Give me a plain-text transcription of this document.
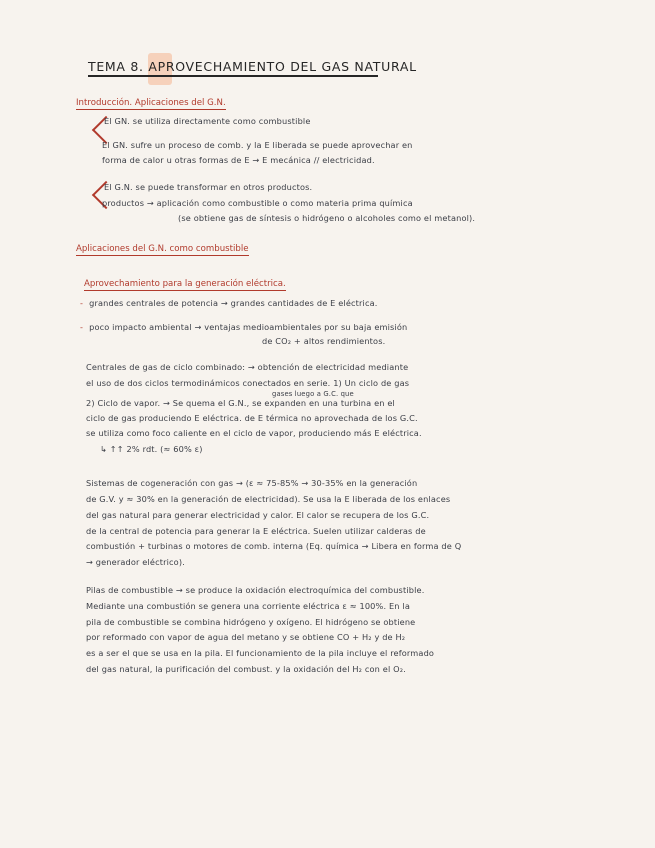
TEMA 8. APROVECHAMIENTO DEL GAS NATURAL
Introducción. Aplicaciones del G.N.
El GN. se utiliza directamente como combustible
El GN. sufre un proceso de comb. y la E liberada se puede aprovechar en
forma de calor u otras formas de E → E mecánica // electricidad.
El G.N. se puede transformar en otros productos.
productos → aplicación como combustible o como materia prima química
(se obtiene gas de síntesis o hidrógeno o alcoholes como el metanol).
Aplicaciones del G.N. como combustible
Aprovechamiento para la generación eléctrica.
- grandes centrales de potencia → grandes cantidades de E eléctrica.
- poco impacto ambiental → ventajas medioambientales por su baja emisión
de CO₂ + altos rendimientos.
Centrales de gas de ciclo combinado: → obtención de electricidad mediante
el uso de dos ciclos termodinámicos conectados en serie. 1) Un ciclo de gas
gases luego a G.C. que
2) Ciclo de vapor. → Se quema el G.N., se expanden en una turbina en el
ciclo de gas produciendo E eléctrica. de E térmica no aprovechada de los G.C.
se utiliza como foco caliente en el ciclo de vapor, produciendo más E eléctrica.
↳ ↑↑ 2% rdt. (≈ 60% ε)
Sistemas de cogeneración con gas → (ε ≈ 75-85% → 30-35% en la generación
de G.V. y ≈ 30% en la generación de electricidad). Se usa la E liberada de los enlaces
del gas natural para generar electricidad y calor. El calor se recupera de los G.C.
de la central de potencia para generar la E eléctrica. Suelen utilizar calderas de
combustión + turbinas o motores de comb. interna (Eq. química → Libera en forma de Q
→ generador eléctrico).
Pilas de combustible → se produce la oxidación electroquímica del combustible.
Mediante una combustión se genera una corriente eléctrica ε ≈ 100%. En la
pila de combustible se combina hidrógeno y oxígeno. El hidrógeno se obtiene
por reformado con vapor de agua del metano y se obtiene CO + H₂ y de H₂
es a ser el que se usa en la pila. El funcionamiento de la pila incluye el reformado
del gas natural, la purificación del combust. y la oxidación del H₂ con el O₂.
